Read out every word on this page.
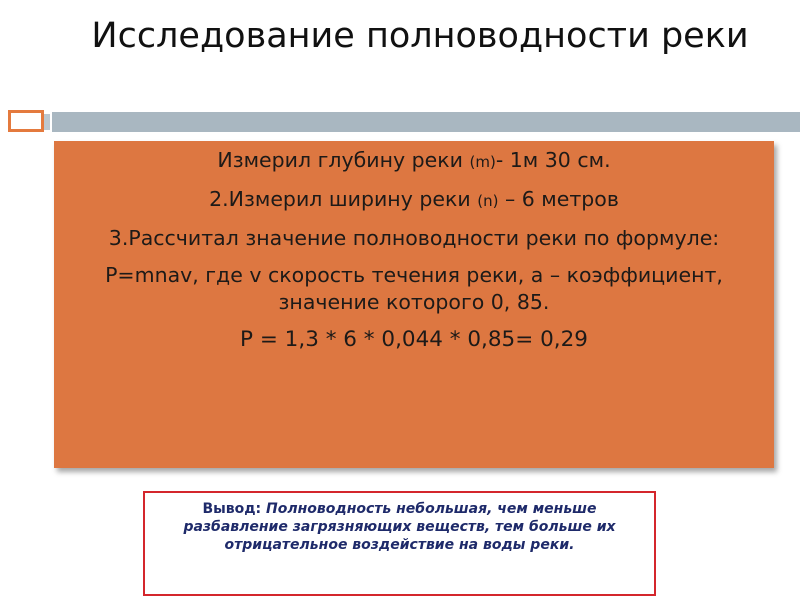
Исследование полноводности реки

Измерил глубину реки (m)- 1м 30 см.

2.Измерил ширину реки (n) – 6 метров

3.Рассчитал значение полноводности реки по формуле:

P=mnav, где v скорость течения реки, a – коэффициент, значение которого 0, 85.

P = 1,3 * 6 * 0,044 * 0,85= 0,29

Вывод: Полноводность небольшая, чем меньше разбавление загрязняющих веществ, тем больше их отрицательное воздействие на воды реки.
